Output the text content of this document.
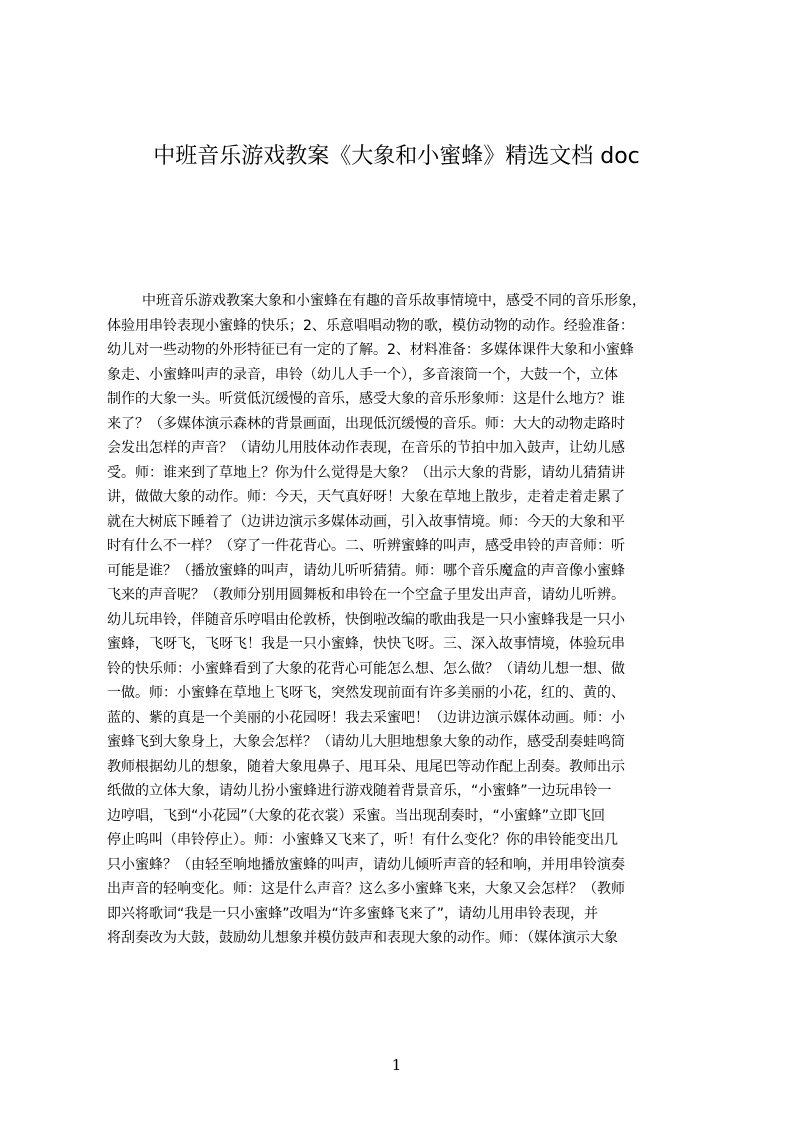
中班音乐游戏教案《大象和小蜜蜂》精选文档 doc
中班音乐游戏教案大象和小蜜蜂在有趣的音乐故事情境中，感受不同的音乐形象，
体验用串铃表现小蜜蜂的快乐；2、乐意唱唱动物的歌，模仿动物的动作。经验准备：
幼儿对一些动物的外形特征已有一定的了解。2、材料准备：多媒体课件大象和小蜜蜂
象走、小蜜蜂叫声的录音，串铃（幼儿人手一个），多音滚筒一个，大鼓一个，立体
制作的大象一头。听赏低沉缓慢的音乐，感受大象的音乐形象师：这是什么地方？谁
来了？（多媒体演示森林的背景画面，出现低沉缓慢的音乐。师：大大的动物走路时
会发出怎样的声音？（请幼儿用肢体动作表现，在音乐的节拍中加入鼓声，让幼儿感
受。师：谁来到了草地上？你为什么觉得是大象？（出示大象的背影，请幼儿猜猜讲
讲，做做大象的动作。师：今天，天气真好呀！大象在草地上散步，走着走着走累了
就在大树底下睡着了（边讲边演示多媒体动画，引入故事情境。师：今天的大象和平
时有什么不一样？（穿了一件花背心。二、听辨蜜蜂的叫声，感受串铃的声音师：听
可能是谁？（播放蜜蜂的叫声，请幼儿听听猜猜。师：哪个音乐魔盒的声音像小蜜蜂
飞来的声音呢？（教师分别用圆舞板和串铃在一个空盒子里发出声音，请幼儿听辨。
幼儿玩串铃，伴随音乐哼唱由伦敦桥，快倒啦改编的歌曲我是一只小蜜蜂我是一只小
蜜蜂，飞呀飞，飞呀飞！我是一只小蜜蜂，快快飞呀。三、深入故事情境，体验玩串
铃的快乐师：小蜜蜂看到了大象的花背心可能怎么想、怎么做？（请幼儿想一想、做
一做。师：小蜜蜂在草地上飞呀飞，突然发现前面有许多美丽的小花，红的、黄的、
蓝的、紫的真是一个美丽的小花园呀！我去采蜜吧！（边讲边演示媒体动画。师：小
蜜蜂飞到大象身上，大象会怎样？（请幼儿大胆地想象大象的动作，感受刮奏蛙鸣筒
教师根据幼儿的想象，随着大象甩鼻子、甩耳朵、甩尾巴等动作配上刮奏。教师出示
纸做的立体大象，请幼儿扮小蜜蜂进行游戏随着背景音乐，“小蜜蜂”一边玩串铃一
边哼唱，飞到“小花园”（大象的花衣裳）采蜜。当出现刮奏时，“小蜜蜂”立即飞回
停止呜叫（串铃停止）。师：小蜜蜂又飞来了，听！有什么变化？你的串铃能变出几
只小蜜蜂？（由轻至响地播放蜜蜂的叫声，请幼儿倾听声音的轻和响，并用串铃演奏
出声音的轻响变化。师：这是什么声音？这么多小蜜蜂飞来，大象又会怎样？（教师
即兴将歌词“我是一只小蜜蜂”改唱为“许多蜜蜂飞来了”，请幼儿用串铃表现，并
将刮奏改为大鼓，鼓励幼儿想象并模仿鼓声和表现大象的动作。师：（媒体演示大象
1
